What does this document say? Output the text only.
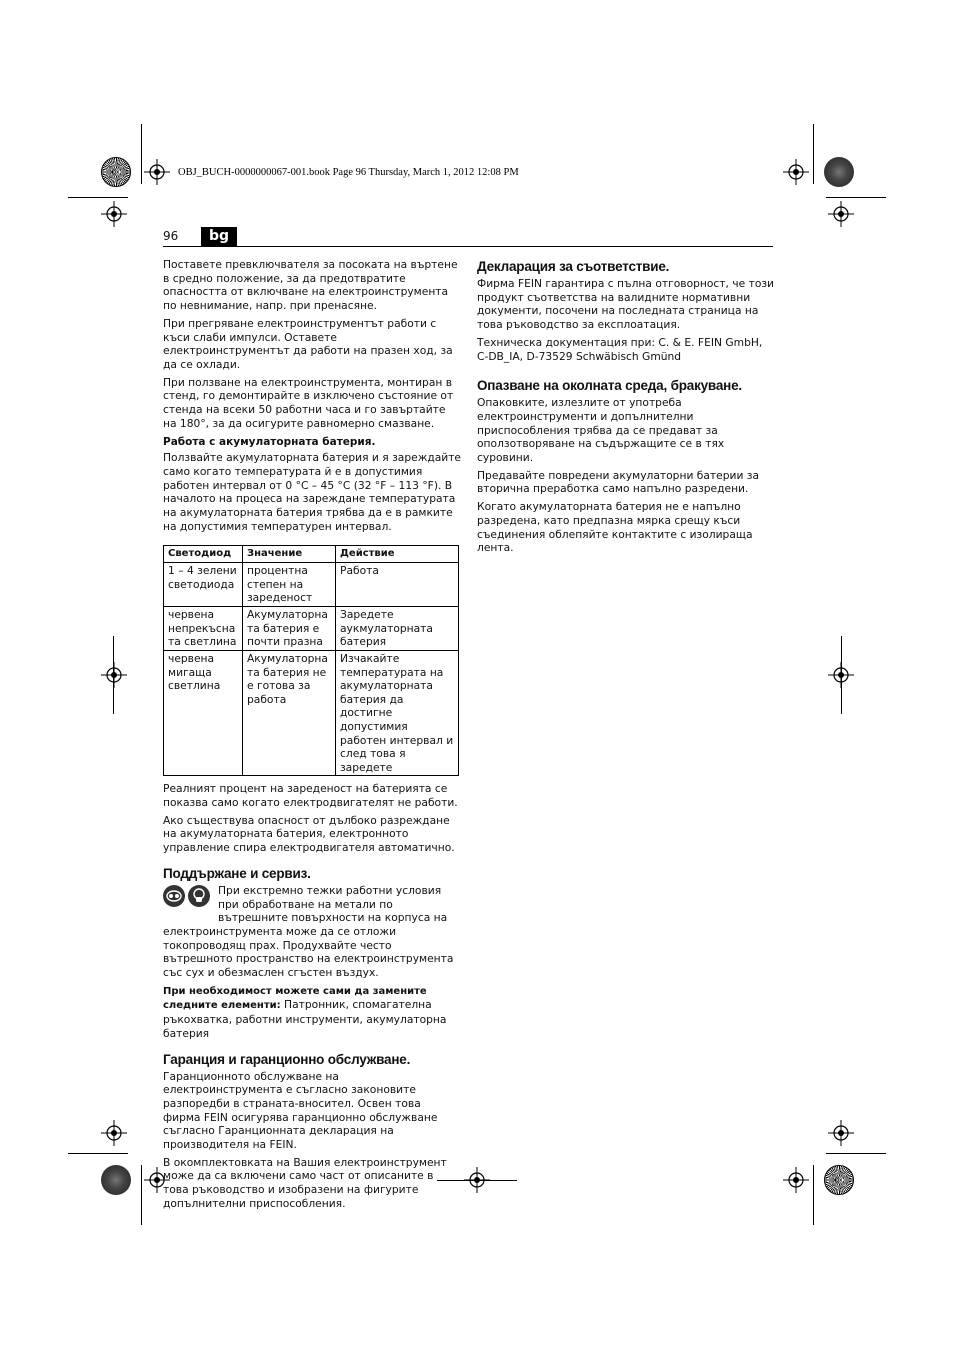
OBJ_BUCH-0000000067-001.book Page 96 Thursday, March 1, 2012 12:08 PM
96	bg

Поставете превключвателя за посоката на въртене в средно положение, за да предотвратите опасността от включване на електроинструмента по невнимание, напр. при пренасяне.

При прегряване електроинструментът работи с къси слаби импулси. Оставете електроинструментът да работи на празен ход, за да се охлади.

При ползване на електроинструмента, монтиран в стенд, го демонтирайте в изключено състояние от стенда на всеки 50 работни часа и го завъртайте на 180°, за да осигурите равномерно смазване.

Работа с акумулаторната батерия.

Ползвайте акумулаторната батерия и я зареждайте само когато температурата й е в допустимия работен интервал от 0 °C – 45 °C (32 °F – 113 °F). В началото на процеса на зареждане температурата на акумулаторната батерия трябва да е в рамките на допустимия температурен интервал.

Светодиод	Значение	Действие
1 – 4 зелени светодиода	процентна степен на зареденост	Работа
червена непрекъсна та светлина	Акумулаторна та батерия е почти празна	Заредете аукмулаторната батерия
червена мигаща светлина	Акумулаторна та батерия не е готова за работа	Изчакайте температурата на акумулаторната батерия да достигне допустимия работен интервал и след това я заредете

Реалният процент на зареденост на батерията се показва само когато електродвигателят не работи.

Ако съществува опасност от дълбоко разреждане на акумулаторната батерия, електронното управление спира електродвигателя автоматично.

Поддържане и сервиз.

При екстремно тежки работни условия при обработване на метали по вътрешните повърхности на корпуса на

електроинструмента може да се отложи токопроводящ прах. Продухвайте често вътрешното пространство на електроинструмента със сух и обезмаслен сгъстен въздух.

При необходимост можете сами да замените следните елементи: Патронник, спомагателна ръкохватка, работни инструменти, акумулаторна батерия

Гаранция и гаранционно обслужване.

Гаранционното обслужване на електроинструмента е съгласно законовите разпоредби в страната-вносител. Освен това фирма FEIN осигурява гаранционно обслужване съгласно Гаранционната декларация на производителя на FEIN.

В окомплектовката на Вашия електроинструмент може да са включени само част от описаните в това ръководство и изобразени на фигурите допълнителни приспособления.

Декларация за съответствие.

Фирма FEIN гарантира с пълна отговорност, че този продукт съответства на валидните нормативни документи, посочени на последната страница на това ръководство за експлоатация.

Техническа документация при: C. & E. FEIN GmbH, C-DB_IA, D-73529 Schwäbisch Gmünd

Опазване на околната среда, бракуване.

Опаковките, излезлите от употреба електроинструменти и допълнителни приспособления трябва да се предават за оползотворяване на съдържащите се в тях суровини.

Предавайте повредени акумулаторни батерии за вторична преработка само напълно разредени.

Когато акумулаторната батерия не е напълно разредена, като предпазна мярка срещу къси съединения облепяйте контактите с изолираща лента.
